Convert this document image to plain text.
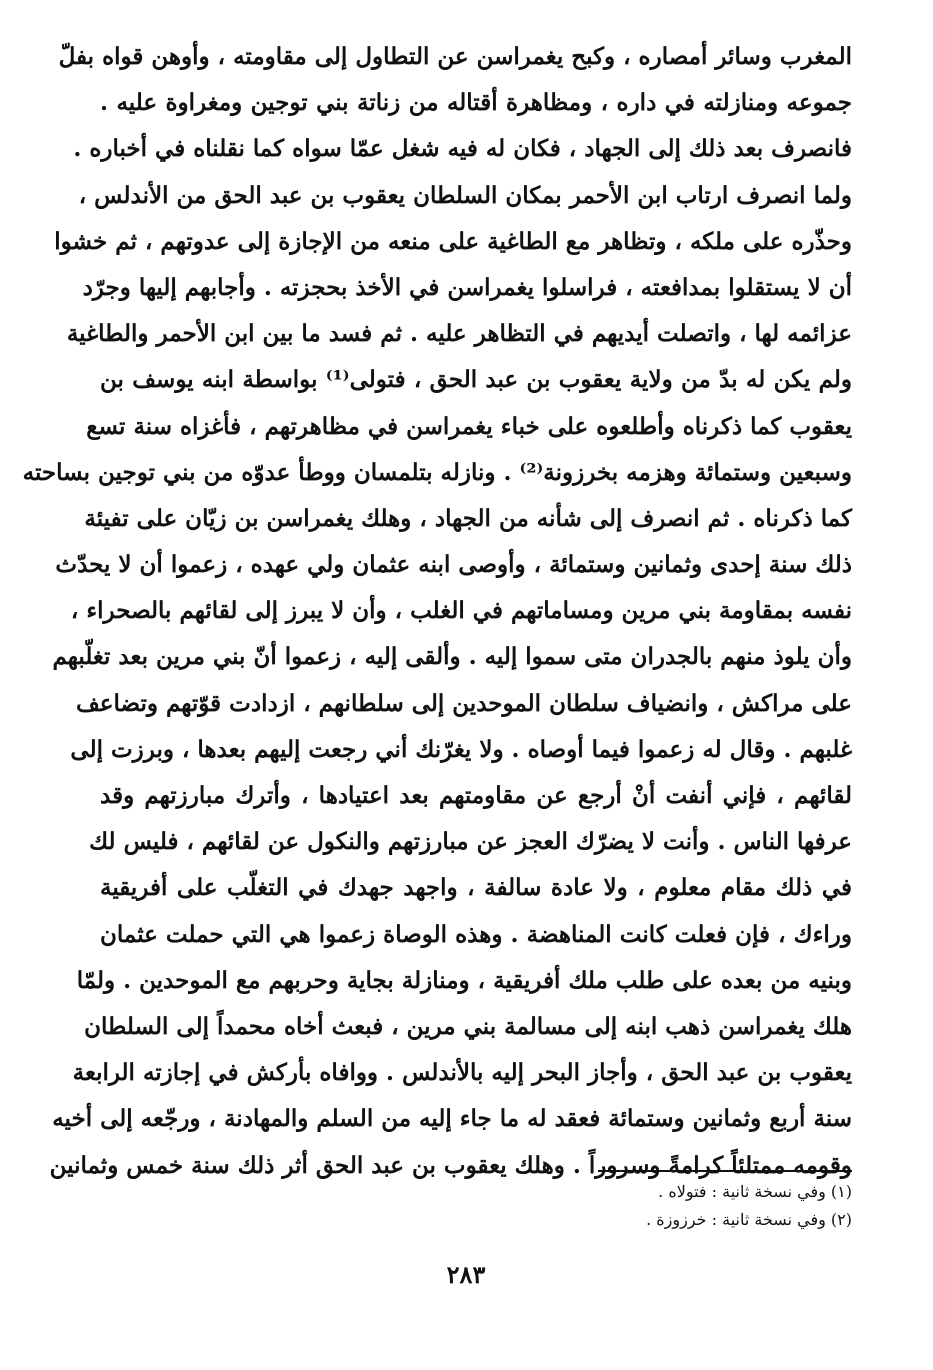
المغرب وسائر أمصاره ، وكبح يغمراسن عن التطاول إلى مقاومته ، وأوهن قواه بفلّ
جموعه ومنازلته في داره ، ومظاهرة أقتاله من زناتة بني توجين ومغراوة عليه .
فانصرف بعد ذلك إلى الجهاد ، فكان له فيه شغل عمّا سواه كما نقلناه في أخباره .
ولما انصرف ارتاب ابن الأحمر بمكان السلطان يعقوب بن عبد الحق من الأندلس ،
وحذّره على ملكه ، وتظاهر مع الطاغية على منعه من الإجازة إلى عدوتهم ، ثم خشوا
أن لا يستقلوا بمدافعته ، فراسلوا يغمراسن في الأخذ بحجزته . وأجابهم إليها وجرّد
عزائمه لها ، واتصلت أيديهم في التظاهر عليه . ثم فسد ما بين ابن الأحمر والطاغية
ولم يكن له بدّ من ولاية يعقوب بن عبد الحق ، فتولى⁽¹⁾ بواسطة ابنه يوسف بن
يعقوب كما ذكرناه وأطلعوه على خباء يغمراسن في مظاهرتهم ، فأغزاه سنة تسع
وسبعين وستمائة وهزمه بخرزونة⁽²⁾ . ونازله بتلمسان ووطأ عدوّه من بني توجين بساحته
كما ذكرناه . ثم انصرف إلى شأنه من الجهاد ، وهلك يغمراسن بن زيّان على تفيئة
ذلك سنة إحدى وثمانين وستمائة ، وأوصى ابنه عثمان ولي عهده ، زعموا أن لا يحدّث
نفسه بمقاومة بني مرين ومساماتهم في الغلب ، وأن لا يبرز إلى لقائهم بالصحراء ،
وأن يلوذ منهم بالجدران متى سموا إليه . وألقى إليه ، زعموا أنّ بني مرين بعد تغلّبهم
على مراكش ، وانضياف سلطان الموحدين إلى سلطانهم ، ازدادت قوّتهم وتضاعف
غلبهم . وقال له زعموا فيما أوصاه . ولا يغرّنك أني رجعت إليهم بعدها ، وبرزت إلى
لقائهم ، فإني أنفت أنْ أرجع عن مقاومتهم بعد اعتيادها ، وأترك مبارزتهم وقد
عرفها الناس . وأنت لا يضرّك العجز عن مبارزتهم والنكول عن لقائهم ، فليس لك
في ذلك مقام معلوم ، ولا عادة سالفة ، واجهد جهدك في التغلّب على أفريقية
وراءك ، فإن فعلت كانت المناهضة . وهذه الوصاة زعموا هي التي حملت عثمان
وبنيه من بعده على طلب ملك أفريقية ، ومنازلة بجاية وحربهم مع الموحدين . ولمّا
هلك يغمراسن ذهب ابنه إلى مسالمة بني مرين ، فبعث أخاه محمداً إلى السلطان
يعقوب بن عبد الحق ، وأجاز البحر إليه بالأندلس . ووافاه بأركش في إجازته الرابعة
سنة أربع وثمانين وستمائة فعقد له ما جاء إليه من السلم والمهادنة ، ورجّعه إلى أخيه
وقومه ممتلئاً كرامةً وسروراً . وهلك يعقوب بن عبد الحق أثر ذلك سنة خمس وثمانين
(١) وفي نسخة ثانية : فتولاه .
(٢) وفي نسخة ثانية : خرزوزة .
٢٨٣
